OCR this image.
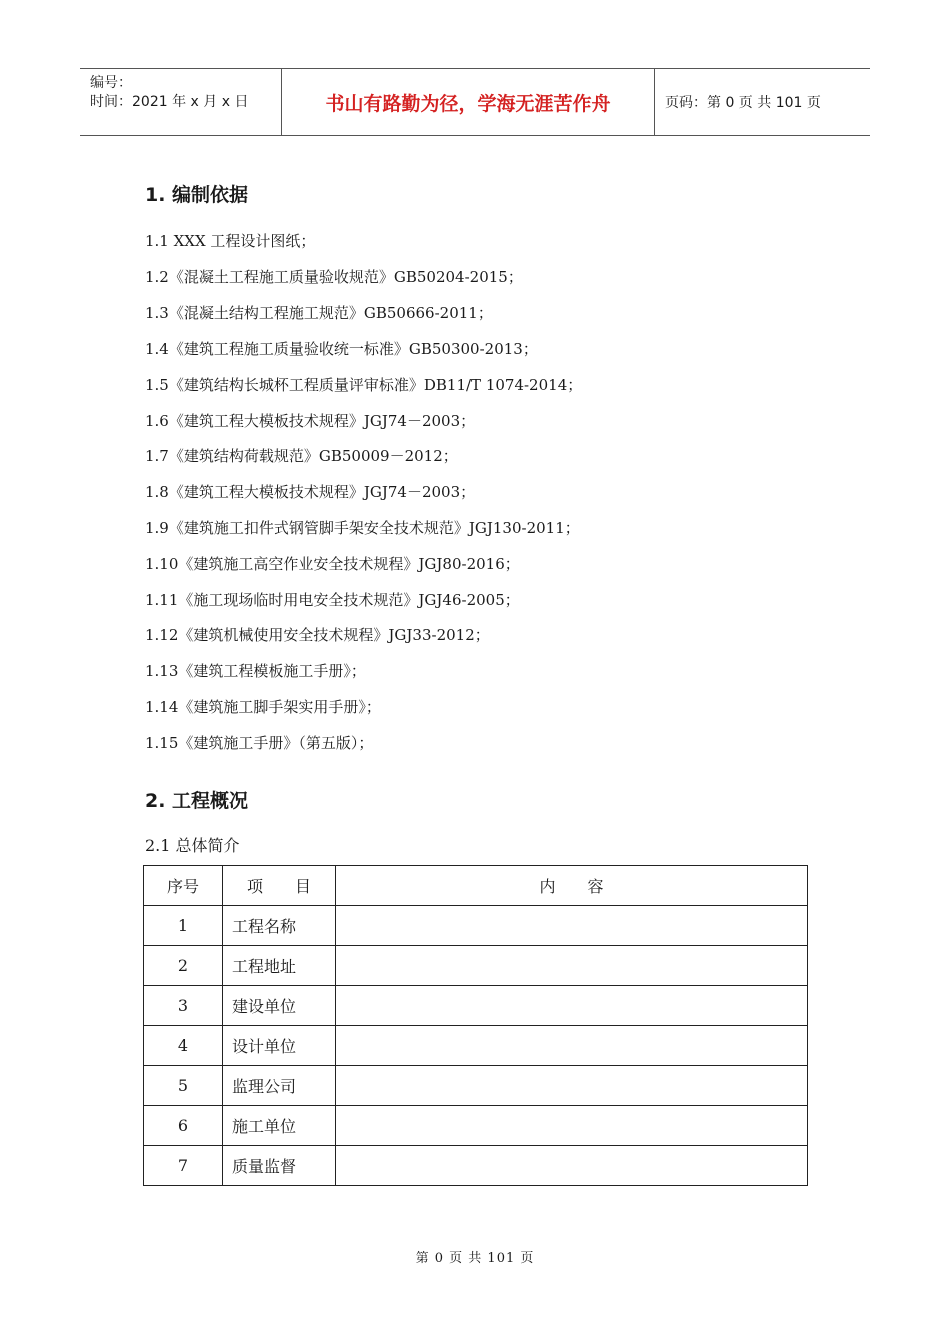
编号：
时间：2021 年 x 月 x 日	书山有路勤为径，学海无涯苦作舟	页码：第 0 页 共 101 页
1. 编制依据
1.1 XXX 工程设计图纸；
1.2《混凝土工程施工质量验收规范》GB50204-2015；
1.3《混凝土结构工程施工规范》GB50666-2011；
1.4《建筑工程施工质量验收统一标准》GB50300-2013；
1.5《建筑结构长城杯工程质量评审标准》DB11/T 1074-2014；
1.6《建筑工程大模板技术规程》JGJ74－2003；
1.7《建筑结构荷载规范》GB50009－2012；
1.8《建筑工程大模板技术规程》JGJ74－2003；
1.9《建筑施工扣件式钢管脚手架安全技术规范》JGJ130-2011；
1.10《建筑施工高空作业安全技术规程》JGJ80-2016；
1.11《施工现场临时用电安全技术规范》JGJ46-2005；
1.12《建筑机械使用安全技术规程》JGJ33-2012；
1.13《建筑工程模板施工手册》；
1.14《建筑施工脚手架实用手册》；
1.15《建筑施工手册》（第五版）；
2. 工程概况
2.1 总体简介
序号	项　　目	内　　容
1	工程名称	
2	工程地址	
3	建设单位	
4	设计单位	
5	监理公司	
6	施工单位	
7	质量监督	
第 0 页 共 101 页
